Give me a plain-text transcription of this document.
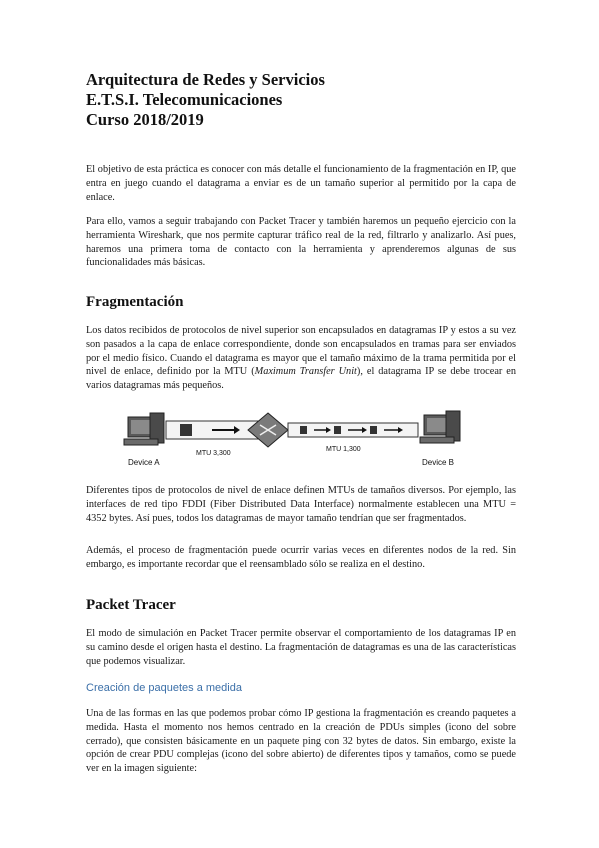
Arquitectura de Redes y Servicios
E.T.S.I. Telecomunicaciones
Curso 2018/2019
El objetivo de esta práctica es conocer con más detalle el funcionamiento de la fragmentación en IP, que entra en juego cuando el datagrama a enviar es de un tamaño superior al permitido por la capa de enlace.
Para ello, vamos a seguir trabajando con Packet Tracer y también haremos un pequeño ejercicio con la herramienta Wireshark, que nos permite capturar tráfico real de la red, filtrarlo y analizarlo. Así pues, haremos una primera toma de contacto con la herramienta y aprenderemos algunas de sus funcionalidades más básicas.
Fragmentación
Los datos recibidos de protocolos de nivel superior son encapsulados en datagramas IP y estos a su vez son pasados a la capa de enlace correspondiente, donde son encapsulados en tramas para ser enviados por el medio físico. Cuando el datagrama es mayor que el tamaño máximo de la trama permitida por el nivel de enlace, definido por la MTU (Maximum Transfer Unit), el datagrama IP se debe trocear en varios datagramas más pequeños.
Device A
MTU 3,300
MTU 1,300
Device B
Diferentes tipos de protocolos de nivel de enlace definen MTUs de tamaños diversos. Por ejemplo, las interfaces de red tipo FDDI (Fiber Distributed Data Interface) normalmente establecen una MTU = 4352 bytes. Así pues, todos los datagramas de mayor tamaño tendrían que ser fragmentados.
Además, el proceso de fragmentación puede ocurrir varias veces en diferentes nodos de la red. Sin embargo, es importante recordar que el reensamblado sólo se realiza en el destino.
Packet Tracer
El modo de simulación en Packet Tracer permite observar el comportamiento de los datagramas IP en su camino desde el origen hasta el destino. La fragmentación de datagramas es una de las características que podemos visualizar.
Creación de paquetes a medida
Una de las formas en las que podemos probar cómo IP gestiona la fragmentación es creando paquetes a medida. Hasta el momento nos hemos centrado en la creación de PDUs simples (icono del sobre cerrado), que consisten básicamente en un paquete ping con 32 bytes de datos. Sin embargo, existe la opción de crear PDU complejas (icono del sobre abierto) de diferentes tipos y tamaños, como se puede ver en la imagen siguiente:
